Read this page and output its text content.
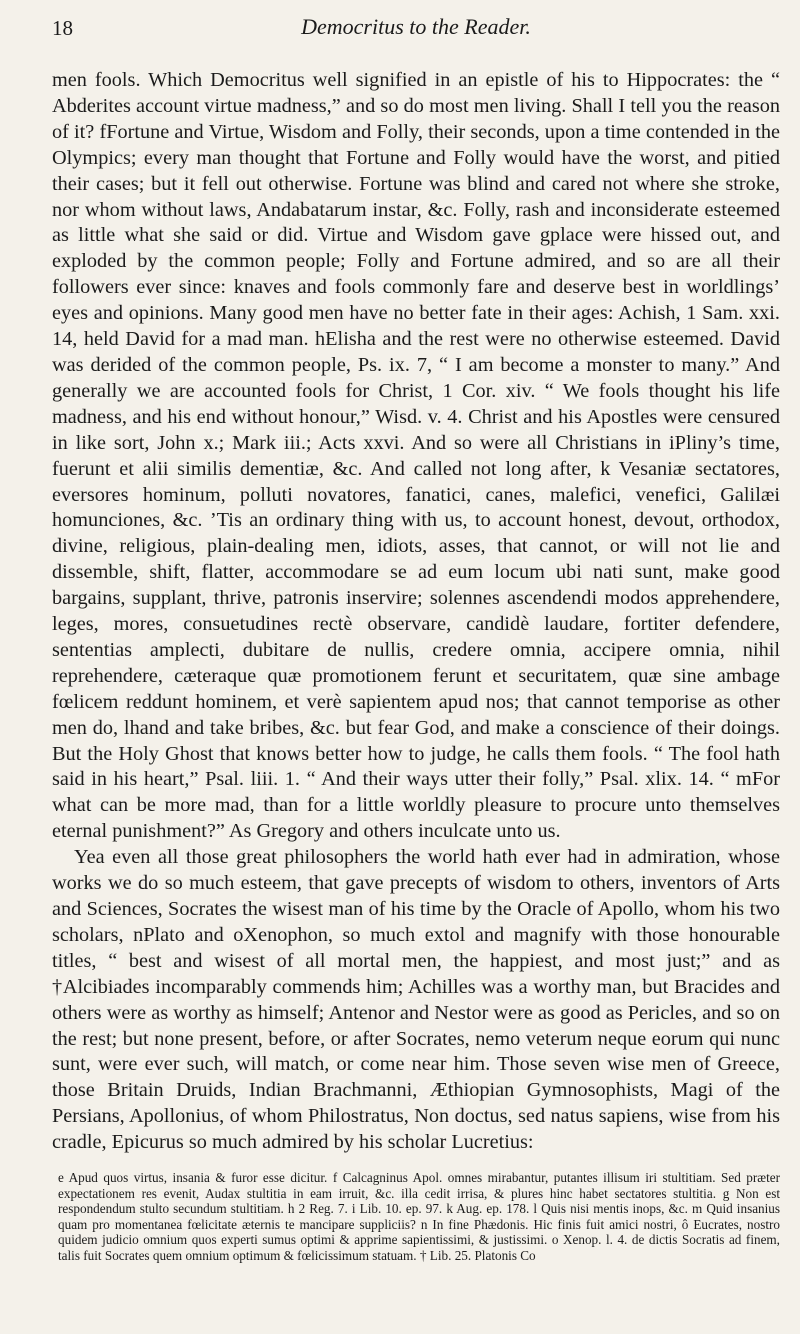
18	Democritus to the Reader.

men fools. Which Democritus well signified in an epistle of his to Hippocrates: the “ Abderites account virtue madness,” and so do most men living. Shall I tell you the reason of it? fFortune and Virtue, Wisdom and Folly, their seconds, upon a time contended in the Olympics; every man thought that Fortune and Folly would have the worst, and pitied their cases; but it fell out otherwise. Fortune was blind and cared not where she stroke, nor whom without laws, Andabatarum instar, &c. Folly, rash and inconsiderate esteemed as little what she said or did. Virtue and Wisdom gave gplace were hissed out, and exploded by the common people; Folly and Fortune admired, and so are all their followers ever since: knaves and fools commonly fare and deserve best in worldlings’ eyes and opinions. Many good men have no better fate in their ages: Achish, 1 Sam. xxi. 14, held David for a mad man. hElisha and the rest were no otherwise esteemed. David was derided of the common people, Ps. ix. 7, “ I am become a monster to many.” And generally we are accounted fools for Christ, 1 Cor. xiv. “ We fools thought his life madness, and his end without honour,” Wisd. v. 4. Christ and his Apostles were censured in like sort, John x.; Mark iii.; Acts xxvi. And so were all Christians in iPliny’s time, fuerunt et alii similis dementiæ, &c. And called not long after, k Vesaniæ sectatores, eversores hominum, polluti novatores, fanatici, canes, malefici, venefici, Galilæi homunciones, &c. ’Tis an ordinary thing with us, to account honest, devout, orthodox, divine, religious, plain-dealing men, idiots, asses, that cannot, or will not lie and dissemble, shift, flatter, accommodare se ad eum locum ubi nati sunt, make good bargains, supplant, thrive, patronis inservire; solennes ascendendi modos apprehendere, leges, mores, consuetudines rectè observare, candidè laudare, fortiter defendere, sententias amplecti, dubitare de nullis, credere omnia, accipere omnia, nihil reprehendere, cæteraque quæ promotionem ferunt et securitatem, quæ sine ambage fœlicem reddunt hominem, et verè sapientem apud nos; that cannot temporise as other men do, lhand and take bribes, &c. but fear God, and make a conscience of their doings. But the Holy Ghost that knows better how to judge, he calls them fools. “ The fool hath said in his heart,” Psal. liii. 1. “ And their ways utter their folly,” Psal. xlix. 14. “ mFor what can be more mad, than for a little worldly pleasure to procure unto themselves eternal punishment?” As Gregory and others inculcate unto us.

Yea even all those great philosophers the world hath ever had in admiration, whose works we do so much esteem, that gave precepts of wisdom to others, inventors of Arts and Sciences, Socrates the wisest man of his time by the Oracle of Apollo, whom his two scholars, nPlato and oXenophon, so much extol and magnify with those honourable titles, “ best and wisest of all mortal men, the happiest, and most just;” and as †Alcibiades incomparably commends him; Achilles was a worthy man, but Bracides and others were as worthy as himself; Antenor and Nestor were as good as Pericles, and so on the rest; but none present, before, or after Socrates, nemo veterum neque eorum qui nunc sunt, were ever such, will match, or come near him. Those seven wise men of Greece, those Britain Druids, Indian Brachmanni, Æthiopian Gymnosophists, Magi of the Persians, Apollonius, of whom Philostratus, Non doctus, sed natus sapiens, wise from his cradle, Epicurus so much admired by his scholar Lucretius:

e Apud quos virtus, insania & furor esse dicitur. f Calcagninus Apol. omnes mirabantur, putantes illisum iri stultitiam. Sed præter expectationem res evenit, Audax stultitia in eam irruit, &c. illa cedit irrisa, & plures hinc habet sectatores stultitia. g Non est respondendum stulto secundum stultitiam. h 2 Reg. 7. i Lib. 10. ep. 97. k Aug. ep. 178. l Quis nisi mentis inops, &c. m Quid insanius quam pro momentanea fœlicitate æternis te mancipare suppliciis? n In fine Phædonis. Hic finis fuit amici nostri, ô Eucrates, nostro quidem judicio omnium quos experti sumus optimi & apprime sapientissimi, & justissimi. o Xenop. l. 4. de dictis Socratis ad finem, talis fuit Socrates quem omnium optimum & fœlicissimum statuam. † Lib. 25. Platonis Co
